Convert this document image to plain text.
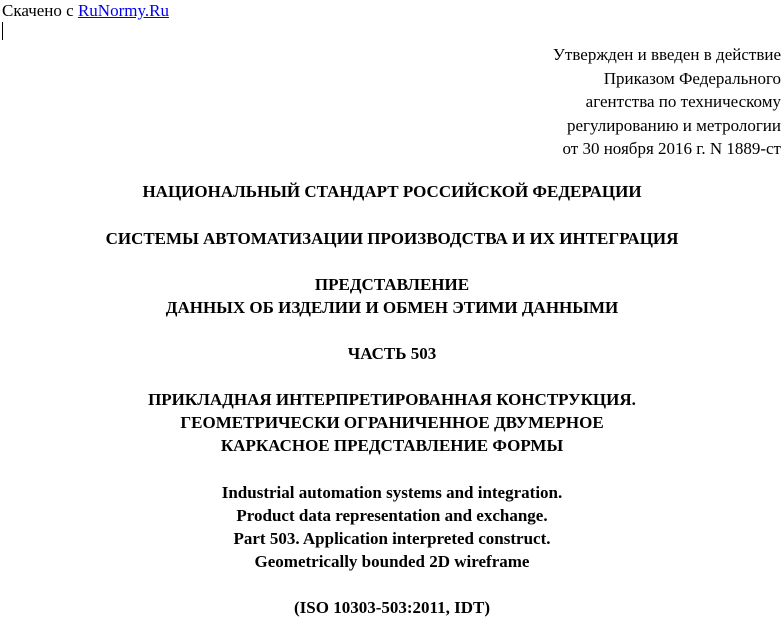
Скачено с RuNormy.Ru
Утвержден и введен в действие
Приказом Федерального
агентства по техническому
регулированию и метрологии
от 30 ноября 2016 г. N 1889-ст
НАЦИОНАЛЬНЫЙ СТАНДАРТ РОССИЙСКОЙ ФЕДЕРАЦИИ
СИСТЕМЫ АВТОМАТИЗАЦИИ ПРОИЗВОДСТВА И ИХ ИНТЕГРАЦИЯ
ПРЕДСТАВЛЕНИЕ
ДАННЫХ ОБ ИЗДЕЛИИ И ОБМЕН ЭТИМИ ДАННЫМИ
ЧАСТЬ 503
ПРИКЛАДНАЯ ИНТЕРПРЕТИРОВАННАЯ КОНСТРУКЦИЯ.
ГЕОМЕТРИЧЕСКИ ОГРАНИЧЕННОЕ ДВУМЕРНОЕ
КАРКАСНОЕ ПРЕДСТАВЛЕНИЕ ФОРМЫ
Industrial automation systems and integration.
Product data representation and exchange.
Part 503. Application interpreted construct.
Geometrically bounded 2D wireframe
(ISO 10303-503:2011, IDT)
